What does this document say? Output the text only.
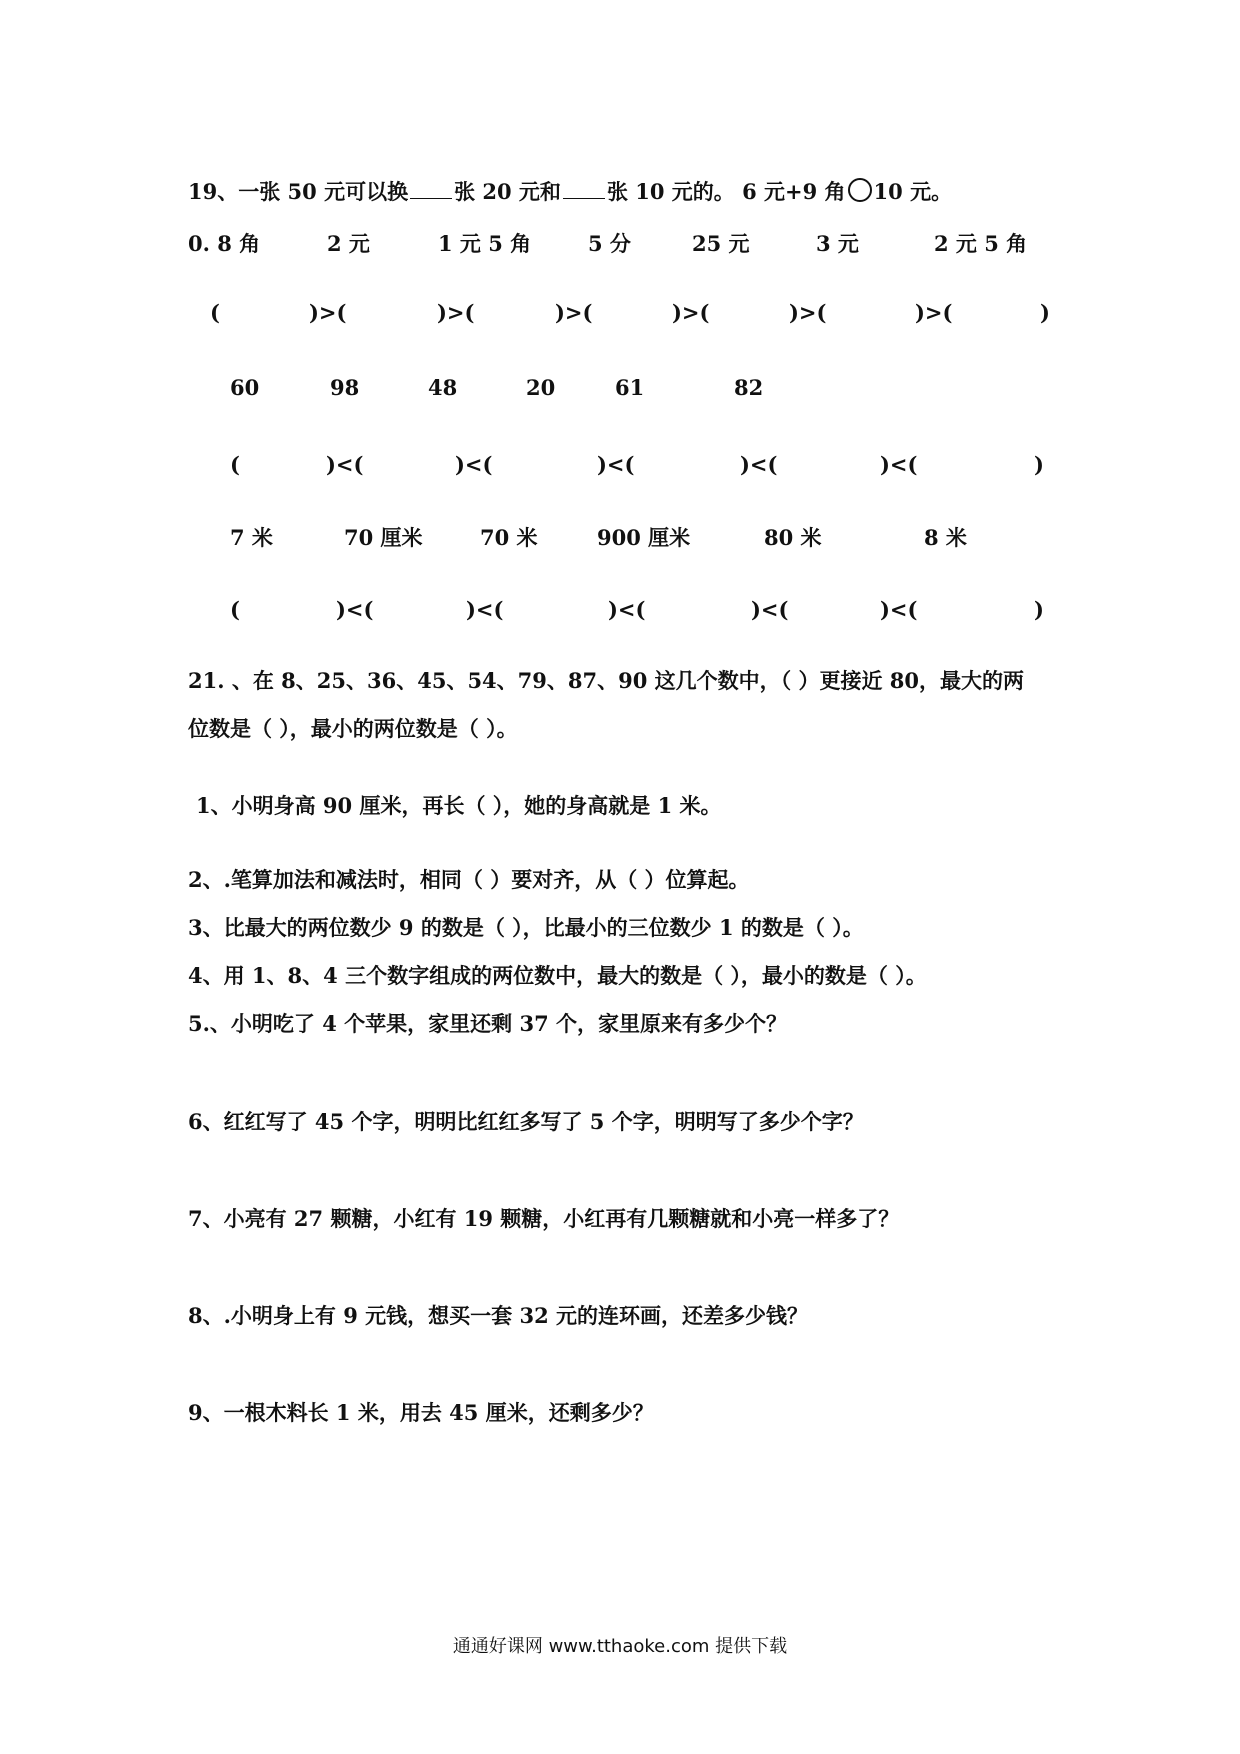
19、一张 50 元可以换 张 20 元和 张 10 元的。 6 元+9 角 10 元。
0. 8 角	2 元	1 元 5 角	5 分	25 元	3 元	2 元 5 角
(	)>(	)>(	)>(	)>(	)>(	)>(	)
60	98	48	20	61	82
(	)<(	)<(	)<(	)<(	)<(	)
7 米	70 厘米	70 米	900 厘米	80 米	8 米
(	)<(	)<(	)<(	)<(	)<(	)
21. 、在 8、25、36、45、54、79、87、90 这几个数中，（ ）更接近 80，最大的两
位数是（ ），最小的两位数是（ ）。
1、小明身高 90 厘米，再长（ ），她的身高就是 1 米。
2、.笔算加法和减法时，相同（ ）要对齐，从（ ）位算起。
3、比最大的两位数少 9 的数是（ ），比最小的三位数少 1 的数是（ ）。
4、用 1、8、4 三个数字组成的两位数中，最大的数是（ ），最小的数是（ ）。
5.、小明吃了 4 个苹果，家里还剩 37 个，家里原来有多少个？
6、红红写了 45 个字，明明比红红多写了 5 个字，明明写了多少个字？
7、小亮有 27 颗糖，小红有 19 颗糖，小红再有几颗糖就和小亮一样多了？
8、.小明身上有 9 元钱，想买一套 32 元的连环画，还差多少钱？
9、一根木料长 1 米，用去 45 厘米，还剩多少？
通通好课网 www.tthaoke.com 提供下载
